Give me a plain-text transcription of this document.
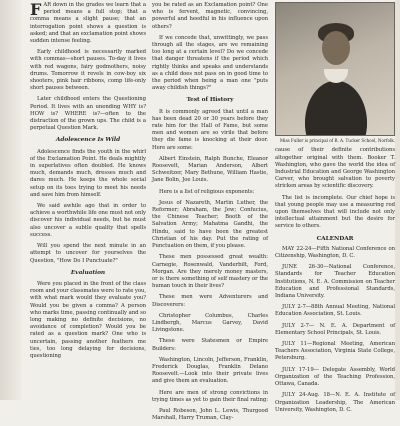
FAR down in the grades we learn that a period means a full stop; that a comma means a slight pause; that an interrogation point shows a question is asked; and that an exclamation point shows sudden intense feeling.

Early childhood is necessarily marked with commas—short pauses. To-day it lives with red wagons, fairy godmothers, noisy drums. Tomorrow it revels in cow-boy six shooters, pink hair ribbons, comp life-only short pauses between.

Later childhood enters the Questioning Period. It lives with an unending WHY is? HOW is? WHERE is?—often to the distraction of the grown ups. The child is a perpetual Question Mark.

Adolescence Is Wild

Adolescence finds the youth in the whirl of the Exclamation Point. He deals mightily in superlatives often doubled. He knows much, demands much, dresses much and dares much. He keeps the whole social setup on its toes trying to meet his needs and save him from himself.

We said awhile ago that in order to achieve a worthwhile life one must not only discover his individual needs, but he must also uncover a subtle quality that spells success.

Will you spend the next minute in an attempt to uncover for yourselves the Question, "How Do I Punctuate?"

Evaluation

Were you placed in the front of the class room and your classmates were to rate you, with what mark would they evaluate you? Would you be given a comma? A person who marks time, passing continually and so long making no definite decisions, no avoidance of completion? Would you be rated as a question mark? One who is uncertain, passing another feathers me ties, too long delaying for decisions, questioning

you be rated as an Exclamation point? One who is fervent, magnetic, convincing, powerful and heedful in his influence upon others?

If we concede that, unwittingly, we pass through all the stages, are we remaining too long at a certain level? Do we concede that danger threatens if the period which rightly thinks and speaks and understands as a child does not pass on in good time to the period when being a man one "puts away childish things?"

Test of History

It is commonly agreed that until a man has been dead 20 or 30 years before they rate him for the Hall of Fame, but some men and women are so virile that before they die fame is knocking at their door. Here are some:

Albert Einstein, Ralph Bunche, Eleanor Roosevelt, Marian Anderson, Albert Schweitzer, Mary Bethune, William Hastie, Jane Bolin, Joe Louis.

Here is a list of religious exponents:

Jesus of Nazareth, Martin Luther, the Reformer; Abraham, the Jew; Confucius, the Chinese Teacher; Booth of the Salvation Army; Mahatma Gandhi, the Hindu, said to have been the greatest Christian of his day. Put the rating of Punctuation on them, if you please.

These men possessed great wealth: Carnegie, Rosenwald, Vanderbilt, Ford, Morgan. Are they merely money masters, or is there something of self mastery or the human touch in their lives?

These men were Adventurers and Discoverers:

Christopher Columbus, Charles Lindbergh, Marcus Garvey, David Livingstone.

These were Statesmen or Empire Builders:

Washington, Lincoln, Jefferson, Franklin, Frederick Douglas, Franklin Delano Roosevelt.—Look into their private lives and give them an evaluation.

Here are men of strong convictions in trying times as yet to gain their final rating:

Paul Robeson, John L. Lewis, Thurgood Marshall, Harry Truman, Clay-

Miss Fuller is principal of R. A. Tucker School, Norfolk.

cause of their definite contributions altogether original with them. Booker T. Washington, who gave the world the idea of Industrial Education and George Washington Carver, who brought salvation to poverty stricken areas by scientific discovery.

The list is incomplete. Our chief hope is that young people may use a measuring rod upon themselves that will include not only intellectual attainment but the desire for service to others.

CALENDAR

MAY 22-24—Fifth National Conference on Citizenship, Washington, D. C.

JUNE 26-30—National Conference, Standards for Teacher Education Institutions, N. E. A. Commission on Teacher Education and Professional Standards, Indiana University.

JULY 2-7—88th Annual Meeting, National Education Association, St. Louis.

JULY 2-7— N. E. A. Department of Elementary School Principals, St. Louis.

JULY 11—Regional Meeting, American Teachers Association, Virginia State College, Petersburg.

JULY 17-19— Delegate Assembly, World Organization of the Teaching Profession, Ottawa, Canada.

JULY 24-Aug. 18—N. E. A. Institute of Organization Leadership, The American University, Washington, D. C.
